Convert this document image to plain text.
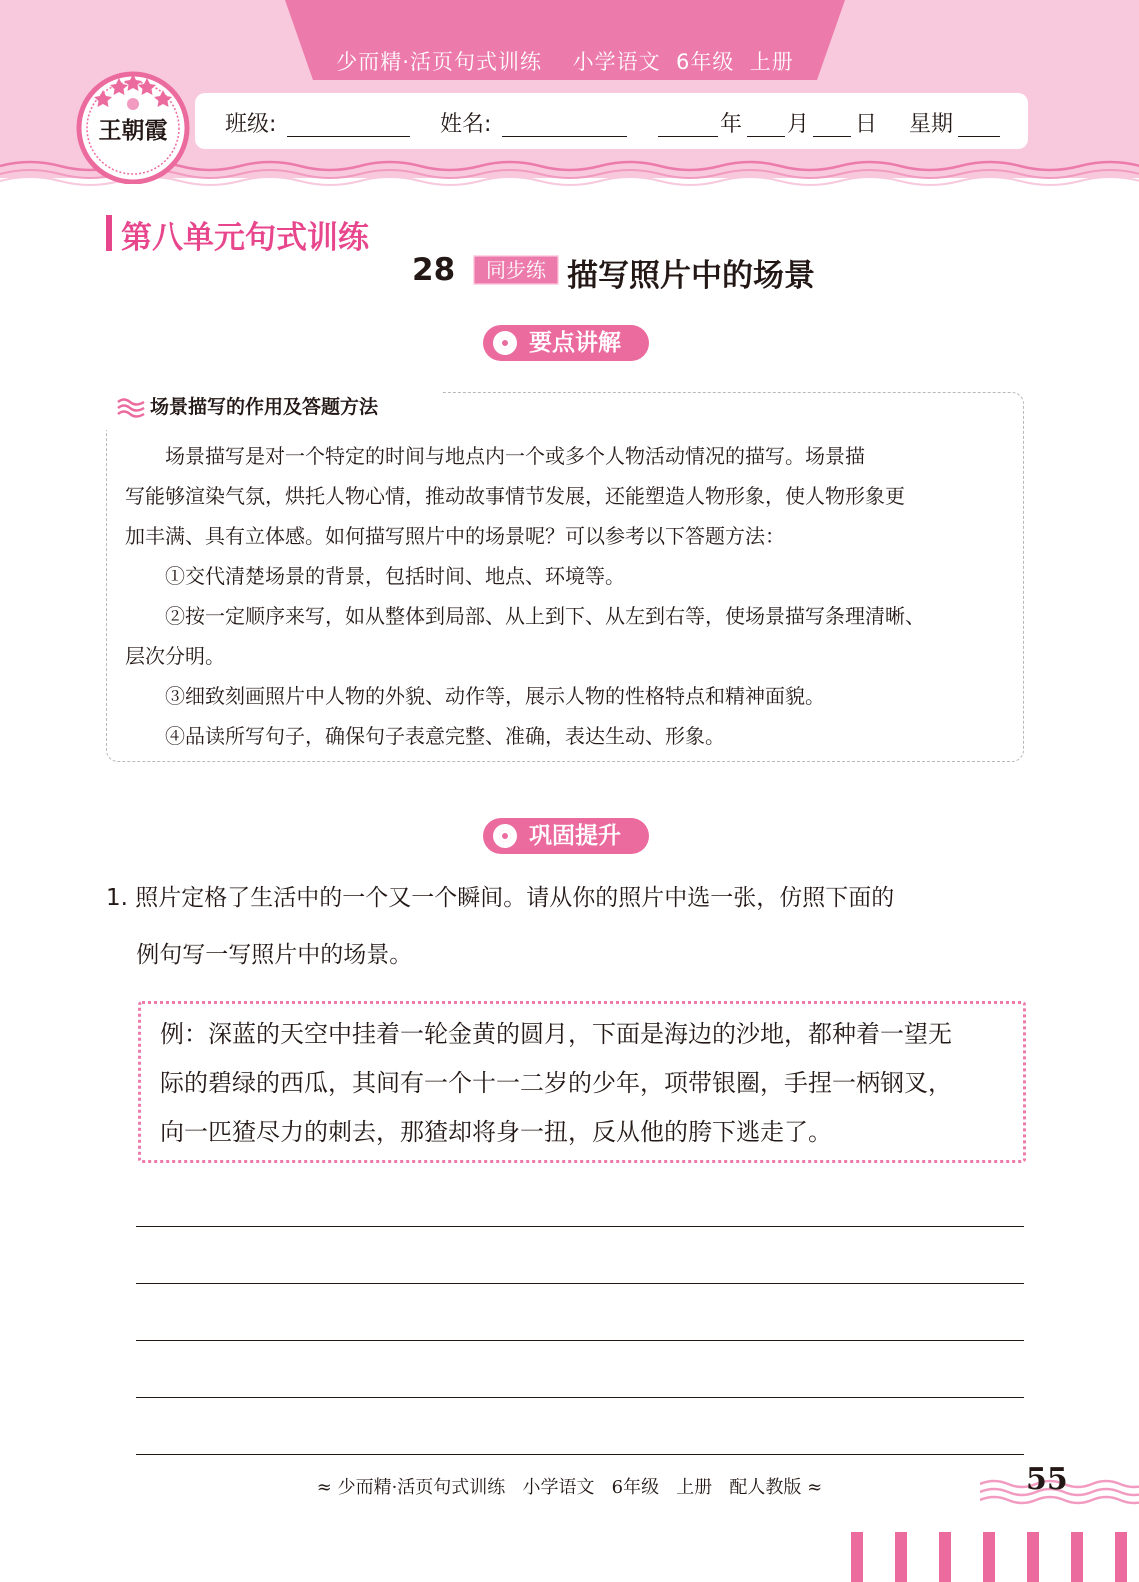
少而精·活页句式训练    小学语文  6年级  上册
班级:	姓名:	年 月 日 星期
王朝霞
第八单元句式训练
28	同步练 描写照片中的场景
要点讲解
场景描写的作用及答题方法
　　场景描写是对一个特定的时间与地点内一个或多个人物活动情况的描写。场景描
写能够渲染气氛，烘托人物心情，推动故事情节发展，还能塑造人物形象，使人物形象更
加丰满、具有立体感。如何描写照片中的场景呢？可以参考以下答题方法：
　　①交代清楚场景的背景，包括时间、地点、环境等。
　　②按一定顺序来写，如从整体到局部、从上到下、从左到右等，使场景描写条理清晰、
层次分明。
　　③细致刻画照片中人物的外貌、动作等，展示人物的性格特点和精神面貌。
　　④品读所写句子，确保句子表意完整、准确，表达生动、形象。
巩固提升
1. 照片定格了生活中的一个又一个瞬间。请从你的照片中选一张，仿照下面的
　 例句写一写照片中的场景。
例：深蓝的天空中挂着一轮金黄的圆月，下面是海边的沙地，都种着一望无
际的碧绿的西瓜，其间有一个十一二岁的少年，项带银圈，手捏一柄钢叉，
向一匹猹尽力的刺去，那猹却将身一扭，反从他的胯下逃走了。
≈ 少而精·活页句式训练   小学语文   6年级   上册   配人教版 ≈	55
